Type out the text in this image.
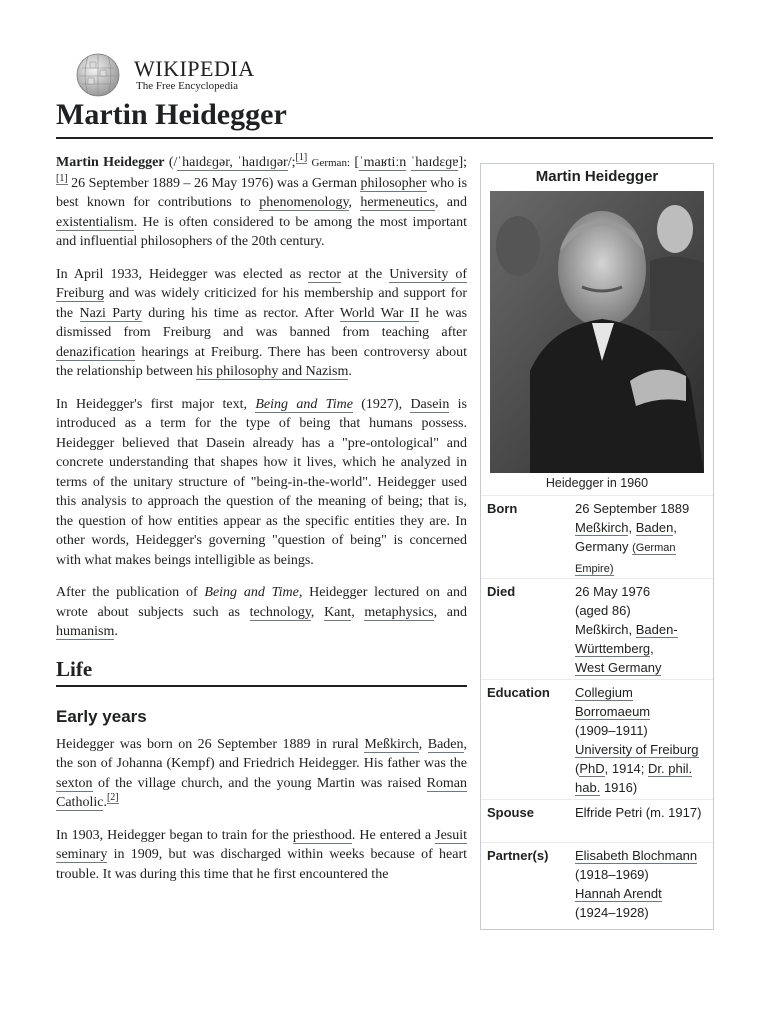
WIKIPEDIA
The Free Encyclopedia
Martin Heidegger

Martin Heidegger (/ˈhaɪdɛɡər, ˈhaɪdɪɡər/;[1] German: [ˈmaʁtiːn ˈhaɪdɛɡɐ];[1] 26 September 1889 – 26 May 1976) was a German philosopher who is best known for contributions to phenomenology, hermeneutics, and existentialism. He is often considered to be among the most important and influential philosophers of the 20th century.

In April 1933, Heidegger was elected as rector at the University of Freiburg and was widely criticized for his membership and support for the Nazi Party during his time as rector. After World War II he was dismissed from Freiburg and was banned from teaching after denazification hearings at Freiburg. There has been controversy about the relationship between his philosophy and Nazism.

In Heidegger's first major text, Being and Time (1927), Dasein is introduced as a term for the type of being that humans possess. Heidegger believed that Dasein already has a "pre-ontological" and concrete understanding that shapes how it lives, which he analyzed in terms of the unitary structure of "being-in-the-world". Heidegger used this analysis to approach the question of the meaning of being; that is, the question of how entities appear as the specific entities they are. In other words, Heidegger's governing "question of being" is concerned with what makes beings intelligible as beings.

After the publication of Being and Time, Heidegger lectured on and wrote about subjects such as technology, Kant, metaphysics, and humanism.

Life
Early years

Heidegger was born on 26 September 1889 in rural Meßkirch, Baden, the son of Johanna (Kempf) and Friedrich Heidegger. His father was the sexton of the village church, and the young Martin was raised Roman Catholic.[2]

In 1903, Heidegger began to train for the priesthood. He entered a Jesuit seminary in 1909, but was discharged within weeks because of heart trouble. It was during this time that he first encountered the

Martin Heidegger
Heidegger in 1960
Born	26 September 1889
Meßkirch, Baden,
Germany (German Empire)
Died	26 May 1976
(aged 86)
Meßkirch, Baden-Württemberg,
West Germany
Education Collegium Borromaeum
(1909–1911)
University of Freiburg
(PhD, 1914; Dr. phil. hab. 1916)
Spouse	Elfride Petri (m. 1917)
Partner(s) Elisabeth Blochmann
(1918–1969)
Hannah Arendt
(1924–1928)
